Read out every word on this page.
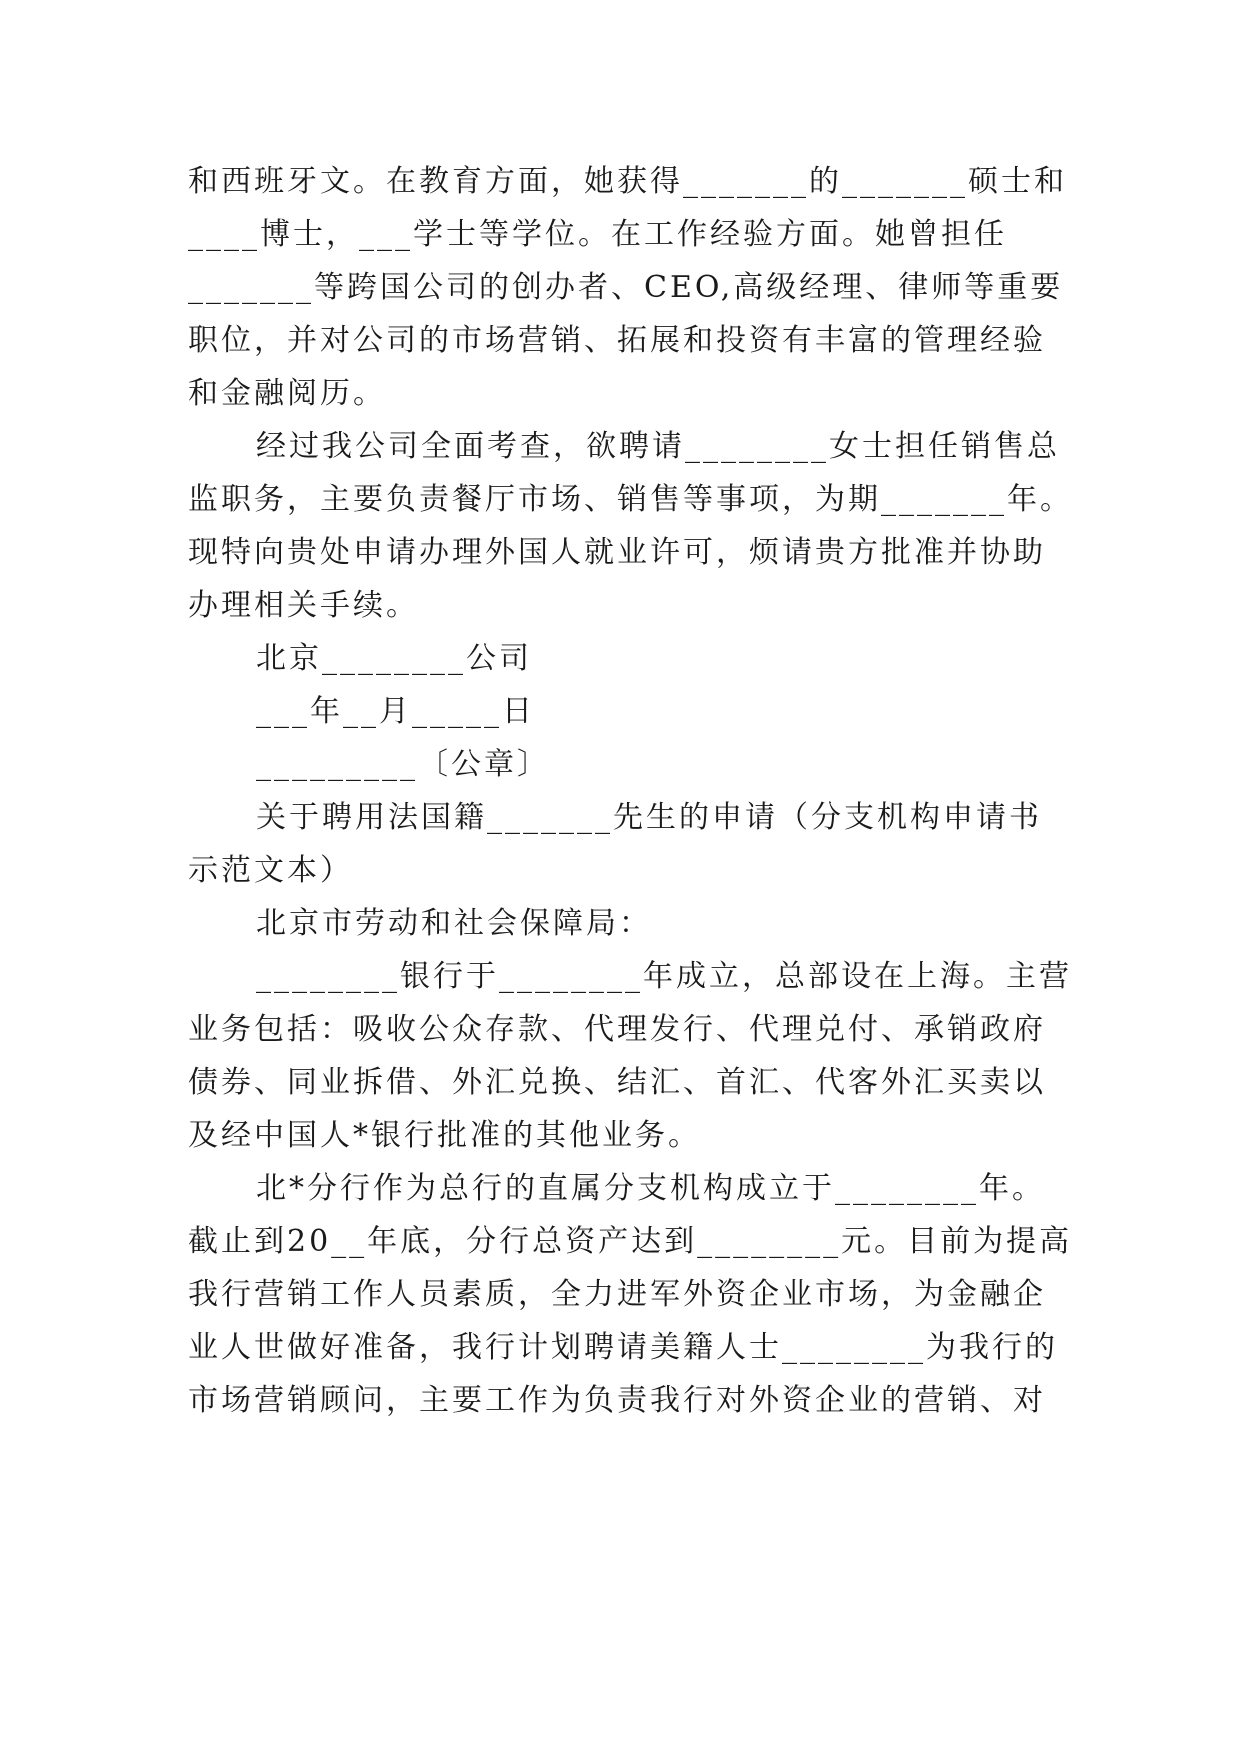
和西班牙文。在教育方面，她获得_______的_______硕士和
____博士，___学士等学位。在工作经验方面。她曾担任
_______等跨国公司的创办者、CEO,高级经理、律师等重要
职位，并对公司的市场营销、拓展和投资有丰富的管理经验
和金融阅历。
经过我公司全面考查，欲聘请________女士担任销售总
监职务，主要负责餐厅市场、销售等事项，为期_______年。
现特向贵处申请办理外国人就业许可，烦请贵方批准并协助
办理相关手续。
北京________公司
___年__月_____日
_________〔公章〕
关于聘用法国籍_______先生的申请（分支机构申请书
示范文本）
北京市劳动和社会保障局：
________银行于________年成立，总部设在上海。主营
业务包括：吸收公众存款、代理发行、代理兑付、承销政府
债券、同业拆借、外汇兑换、结汇、首汇、代客外汇买卖以
及经中国人*银行批准的其他业务。
北*分行作为总行的直属分支机构成立于________年。
截止到20__年底，分行总资产达到________元。目前为提高
我行营销工作人员素质，全力进军外资企业市场，为金融企
业人世做好准备，我行计划聘请美籍人士________为我行的
市场营销顾问，主要工作为负责我行对外资企业的营销、对
